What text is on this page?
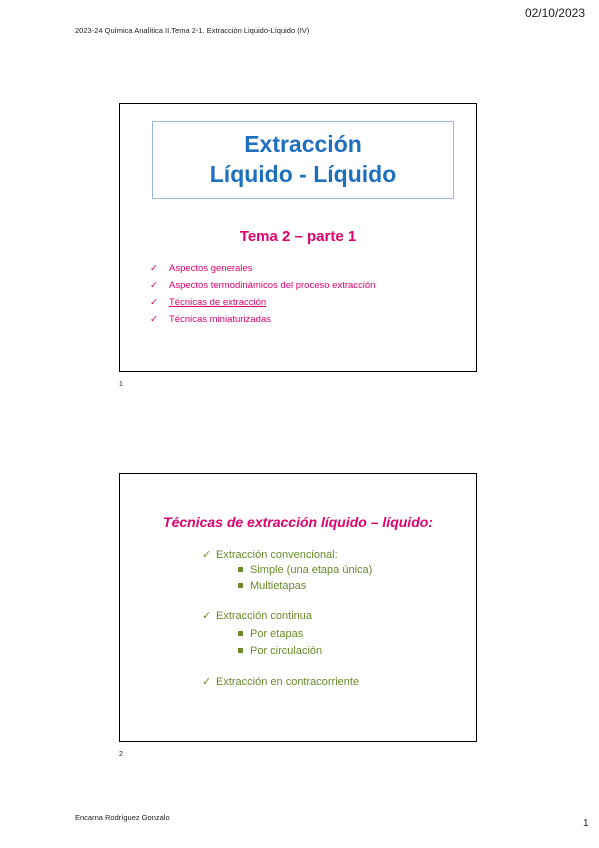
02/10/2023
2023-24 Química Analítica II.Tema 2-1. Extracción Liquido-Líquido (IV)
Extracción
Líquido - Líquido
Tema 2 – parte 1
✓ Aspectos generales
✓ Aspectos termodinámicos del proceso extracción
✓ Técnicas de extracción
✓ Técnicas miniaturizadas
1
Técnicas de extracción líquido – líquido:
✓ Extracción convencional:
Simple (una etapa única)
Multietapas
✓ Extracción continua
Por etapas
Por circulación
✓ Extracción en contracorriente
2
Encarna Rodríguez Gonzalo
1
